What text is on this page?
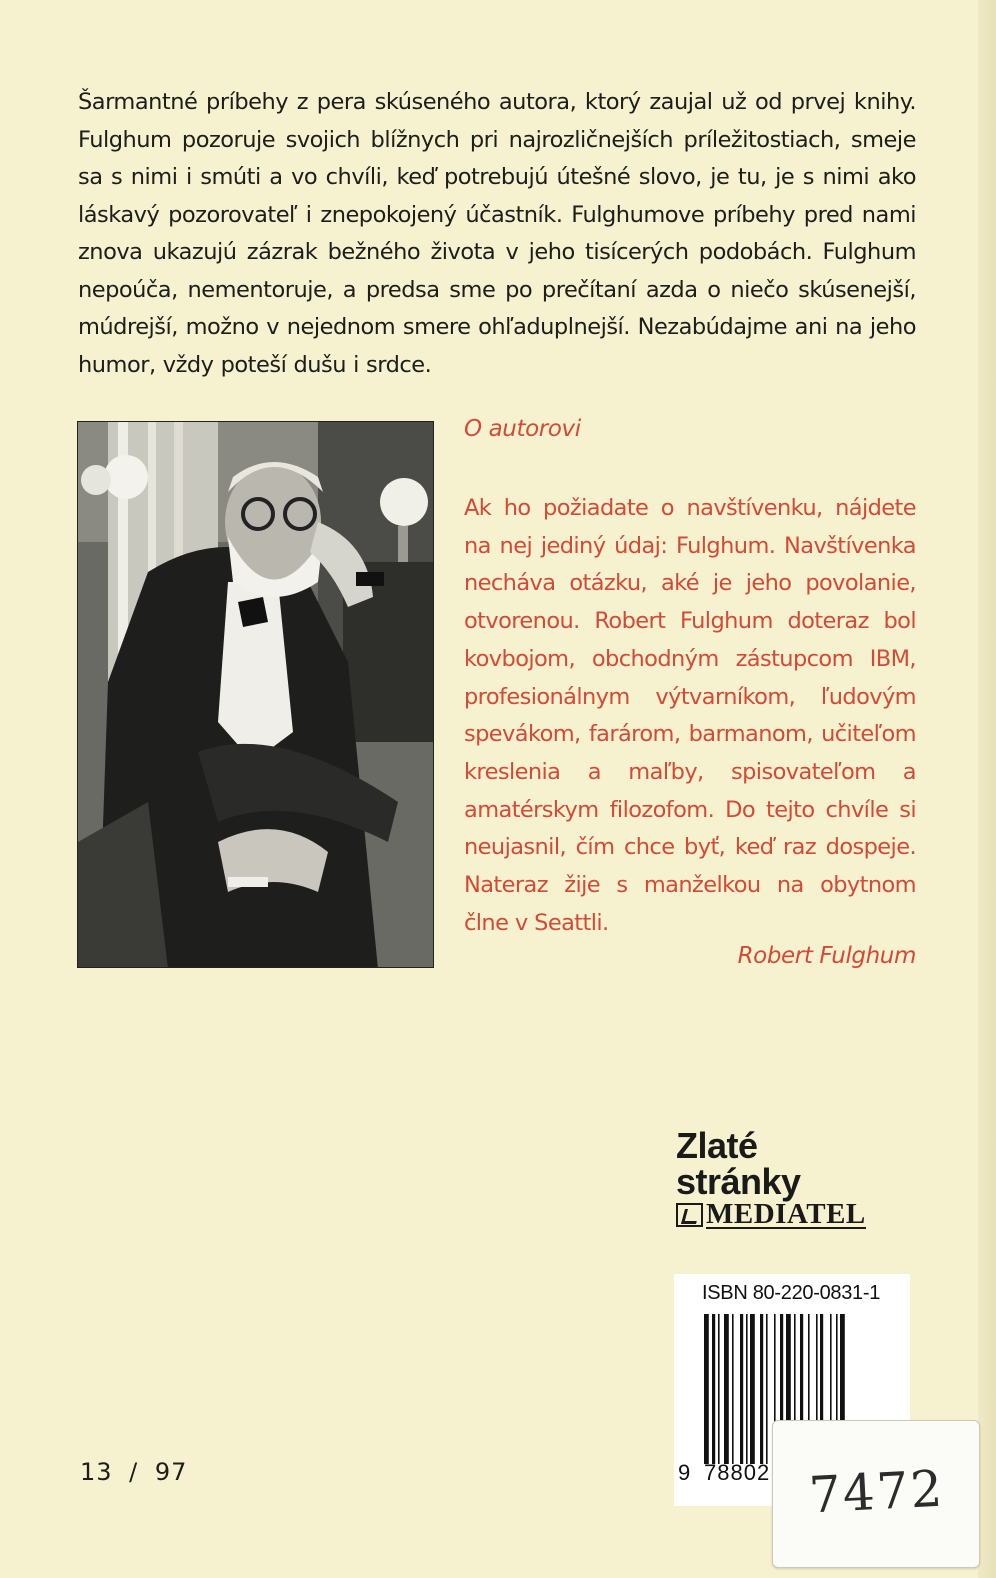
Šarmantné príbehy z pera skúseného autora, ktorý zaujal už od prvej knihy. Fulghum pozoruje svojich blížnych pri najrozličnejších príležitostiach, smeje sa s nimi i smúti a vo chvíli, keď potrebujú útešné slovo, je tu, je s nimi ako láskavý pozorovateľ i znepokojený účastník. Fulghumove príbehy pred nami znova ukazujú zázrak bežného života v jeho tisícerých podobách. Fulghum nepoúča, nementoruje, a predsa sme po prečítaní azda o niečo skúsenejší, múdrejší, možno v nejednom smere ohľaduplnejší. Nezabúdajme ani na jeho humor, vždy poteší dušu i srdce.

O autorovi

Ak ho požiadate o navštívenku, nájdete na nej jediný údaj: Fulghum. Navštívenka necháva otázku, aké je jeho povolanie, otvorenou. Robert Fulghum doteraz bol kovbojom, obchodným zástupcom IBM, profesionálnym výtvarníkom, ľudovým spevákom, farárom, barmanom, učiteľom kreslenia a maľby, spisovateľom a amatérskym filozofom. Do tejto chvíle si neujasnil, čím chce byť, keď raz dospeje. Nateraz žije s manželkou na obytnom člne v Seattli.

Robert Fulghum

Zlaté
stránky
MEDIATEL
ISBN 80-220-0831-1
9 78802 7472

13 / 97
